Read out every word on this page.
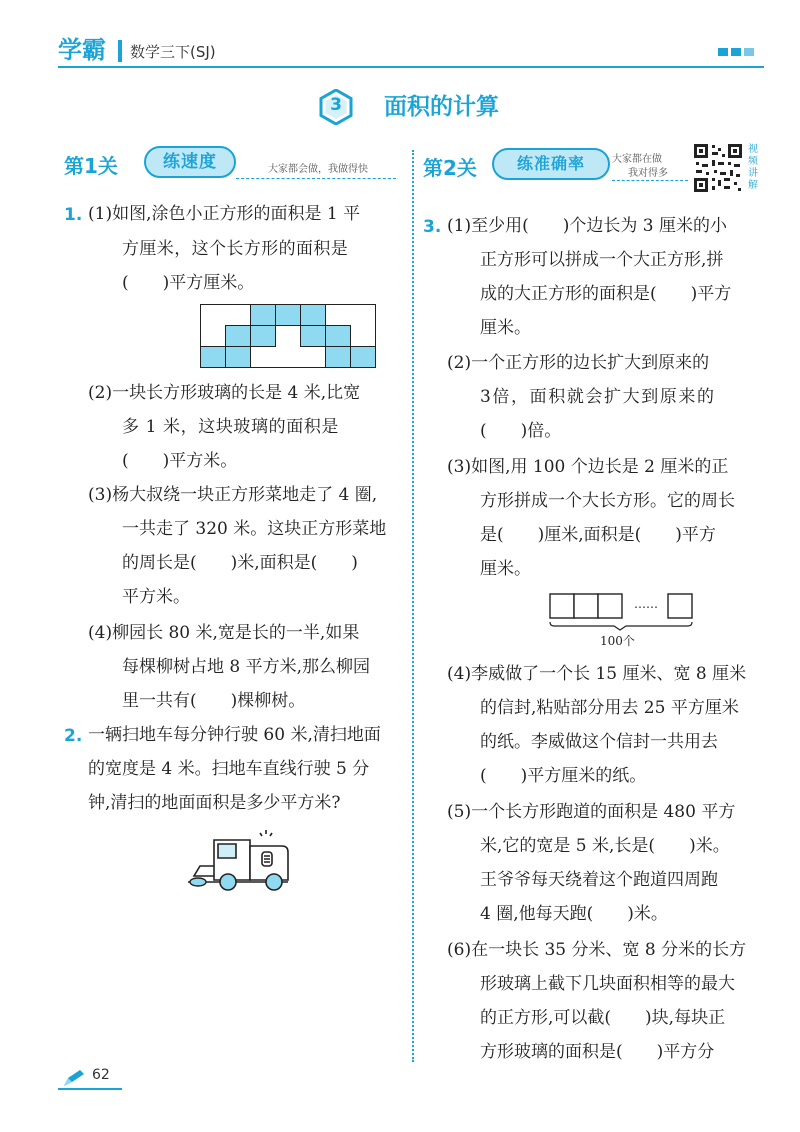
学霸 数学三下(SJ)
3	面积的计算
第1关	练速度	大家都会做，我做得快	第2关	练准确率	大家都在做
我对得多
视频讲解
1. (1)如图,涂色小正方形的面积是 1 平
方厘米，这个长方形的面积是
(　　)平方厘米。
(2)一块长方形玻璃的长是 4 米,比宽
多 1 米，这块玻璃的面积是
(　　)平方米。
(3)杨大叔绕一块正方形菜地走了 4 圈,
一共走了 320 米。这块正方形菜地
的周长是(　　)米,面积是(　　)
平方米。
(4)柳园长 80 米,宽是长的一半,如果
每棵柳树占地 8 平方米,那么柳园
里一共有(　　)棵柳树。
2. 一辆扫地车每分钟行驶 60 米,清扫地面
的宽度是 4 米。扫地车直线行驶 5 分
钟,清扫的地面面积是多少平方米?
3. (1)至少用(　　)个边长为 3 厘米的小
正方形可以拼成一个大正方形,拼
成的大正方形的面积是(　　)平方
厘米。
(2)一个正方形的边长扩大到原来的
3倍，面积就会扩大到原来的
(　　)倍。
(3)如图,用 100 个边长是 2 厘米的正
方形拼成一个大长方形。它的周长
是(　　)厘米,面积是(　　)平方
厘米。
……
100个
(4)李威做了一个长 15 厘米、宽 8 厘米
的信封,粘贴部分用去 25 平方厘米
的纸。李威做这个信封一共用去
(　　)平方厘米的纸。
(5)一个长方形跑道的面积是 480 平方
米,它的宽是 5 米,长是(　　)米。
王爷爷每天绕着这个跑道四周跑
4 圈,他每天跑(　　)米。
(6)在一块长 35 分米、宽 8 分米的长方
形玻璃上截下几块面积相等的最大
的正方形,可以截(　　)块,每块正
方形玻璃的面积是(　　)平方分
62
